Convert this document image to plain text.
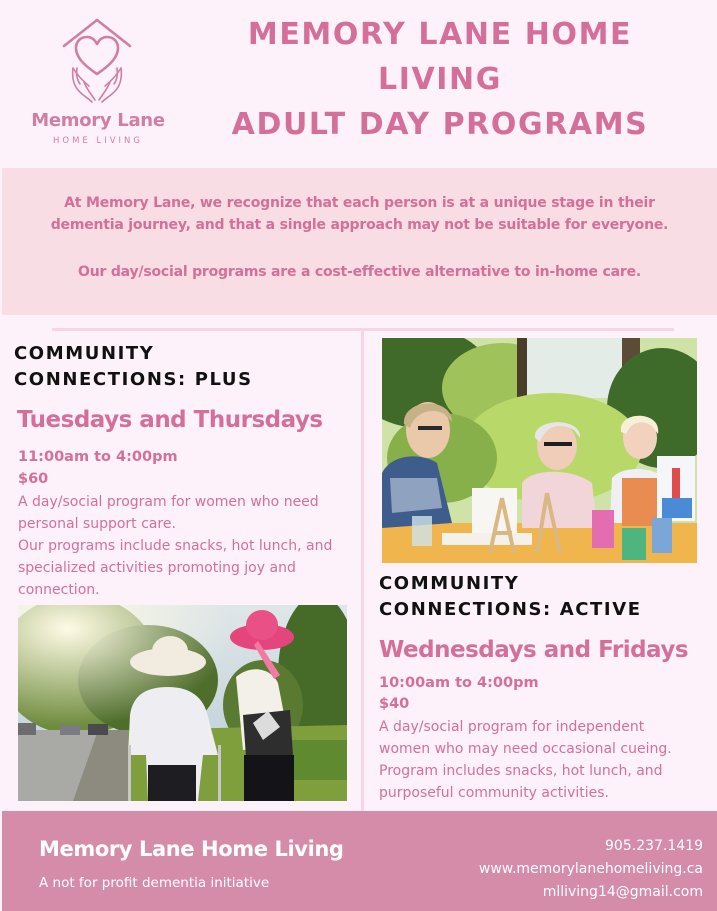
Memory Lane
HOME LIVING
MEMORY LANE HOME
LIVING
ADULT DAY PROGRAMS

At Memory Lane, we recognize that each person is at a unique stage in their dementia journey, and that a single approach may not be suitable for everyone.

Our day/social programs are a cost-effective alternative to in-home care.

COMMUNITY
CONNECTIONS: PLUS
Tuesdays and Thursdays
11:00am to 4:00pm
$60
A day/social program for women who need
personal support care.
Our programs include snacks, hot lunch, and
specialized activities promoting joy and
connection.	COMMUNITY
CONNECTIONS: ACTIVE
Wednesdays and Fridays
10:00am to 4:00pm
$40
A day/social program for independent
women who may need occasional cueing.
Program includes snacks, hot lunch, and
purposeful community activities.
Memory Lane Home Living
A not for profit dementia initiative
905.237.1419
www.memorylanehomeliving.ca
mlliving14@gmail.com
